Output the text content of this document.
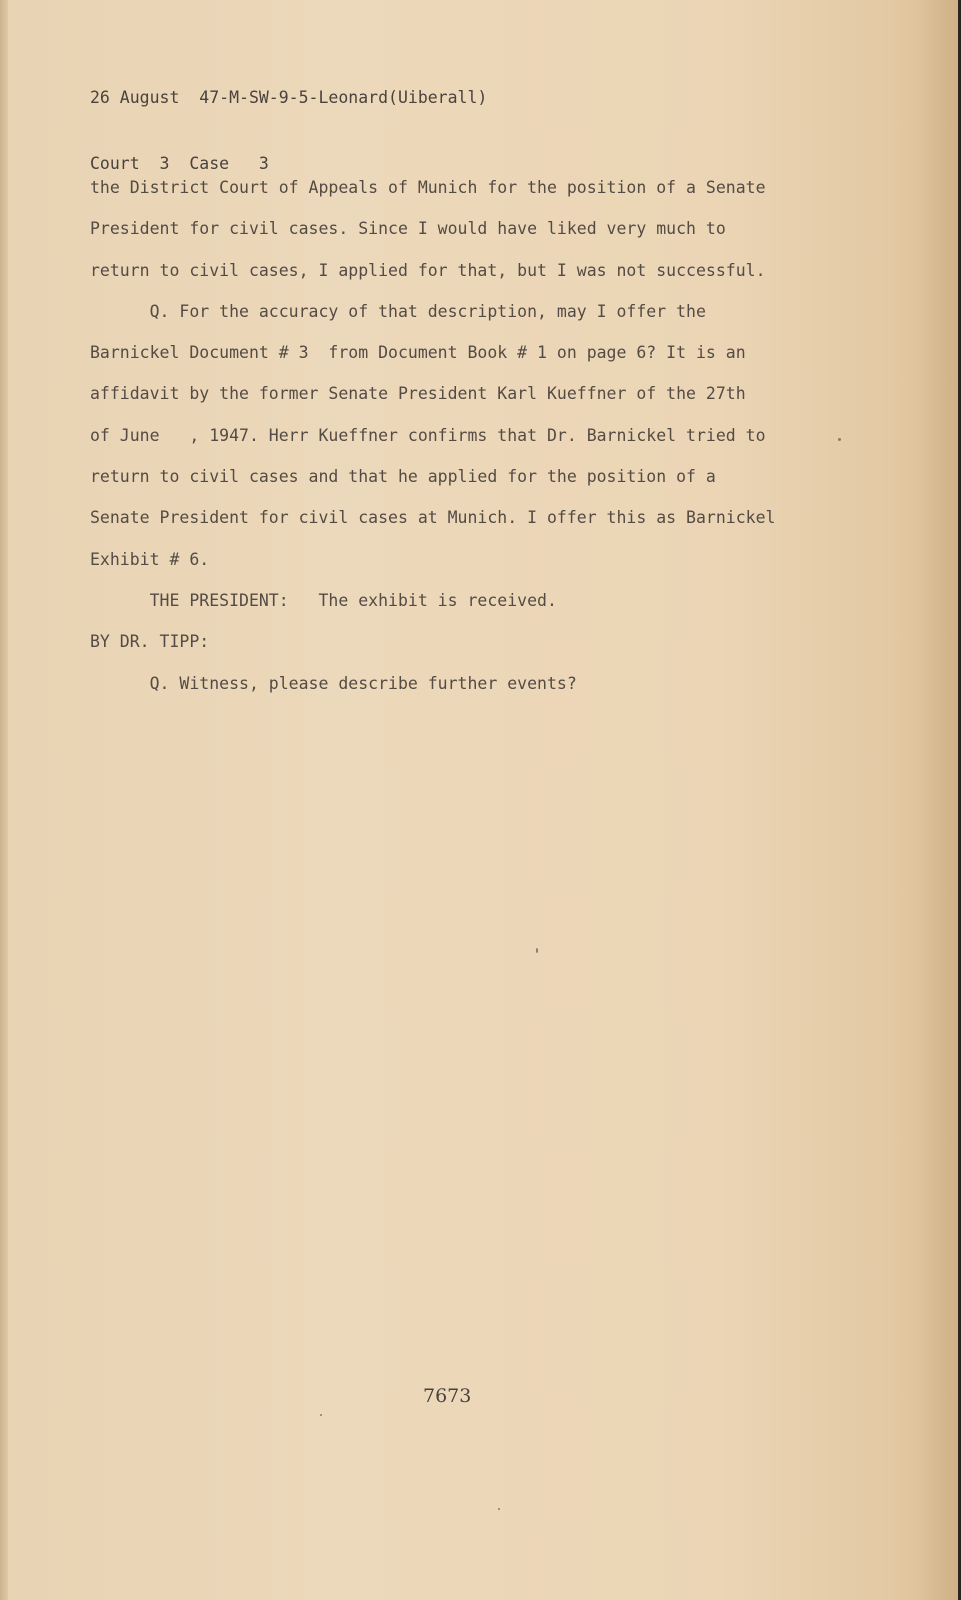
26 August  47-M-SW-9-5-Leonard(Uiberall)

Court  3  Case   3

the District Court of Appeals of Munich for the position of a Senate
President for civil cases. Since I would have liked very much to
return to civil cases, I applied for that, but I was not successful.
Q. For the accuracy of that description, may I offer the
Barnickel Document # 3  from Document Book # 1 on page 6? It is an
affidavit by the former Senate President Karl Kueffner of the 27th
of June   , 1947. Herr Kueffner confirms that Dr. Barnickel tried to
return to civil cases and that he applied for the position of a
Senate President for civil cases at Munich. I offer this as Barnickel
Exhibit # 6.
THE PRESIDENT:   The exhibit is received.
BY DR. TIPP:
Q. Witness, please describe further events?
7673
